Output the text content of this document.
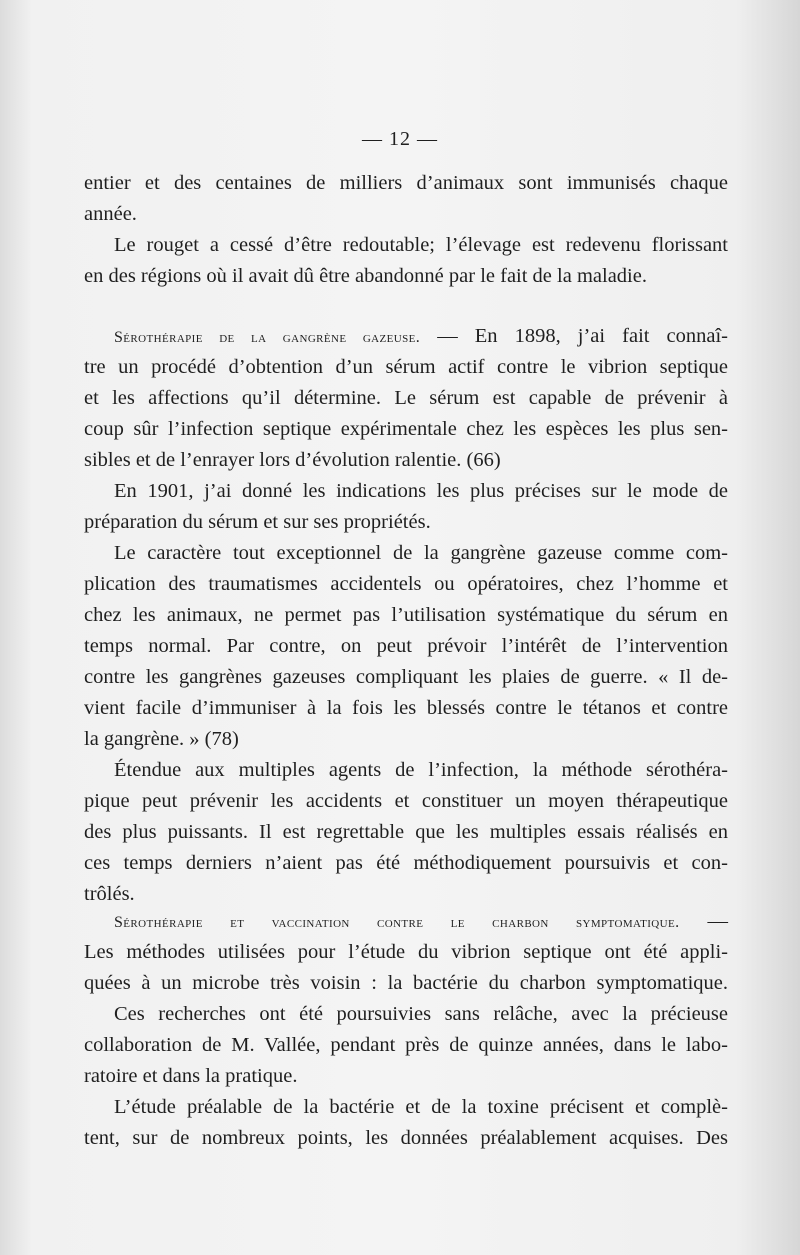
— 12 —
entier et des centaines de milliers d’animaux sont immunisés chaque
année.
Le rouget a cessé d’être redoutable; l’élevage est redevenu florissant
en des régions où il avait dû être abandonné par le fait de la maladie.
Sérothérapie de la gangrène gazeuse. — En 1898, j’ai fait connaî-
tre un procédé d’obtention d’un sérum actif contre le vibrion septique
et les affections qu’il détermine. Le sérum est capable de prévenir à
coup sûr l’infection septique expérimentale chez les espèces les plus sen-
sibles et de l’enrayer lors d’évolution ralentie. (66)
En 1901, j’ai donné les indications les plus précises sur le mode de
préparation du sérum et sur ses propriétés.
Le caractère tout exceptionnel de la gangrène gazeuse comme com-
plication des traumatismes accidentels ou opératoires, chez l’homme et
chez les animaux, ne permet pas l’utilisation systématique du sérum en
temps normal. Par contre, on peut prévoir l’intérêt de l’intervention
contre les gangrènes gazeuses compliquant les plaies de guerre. « Il de-
vient facile d’immuniser à la fois les blessés contre le tétanos et contre
la gangrène. » (78)
Étendue aux multiples agents de l’infection, la méthode sérothéra-
pique peut prévenir les accidents et constituer un moyen thérapeutique
des plus puissants. Il est regrettable que les multiples essais réalisés en
ces temps derniers n’aient pas été méthodiquement poursuivis et con-
trôlés.
Sérothérapie et vaccination contre le charbon symptomatique. —
Les méthodes utilisées pour l’étude du vibrion septique ont été appli-
quées à un microbe très voisin : la bactérie du charbon symptomatique.
Ces recherches ont été poursuivies sans relâche, avec la précieuse
collaboration de M. Vallée, pendant près de quinze années, dans le labo-
ratoire et dans la pratique.
L’étude préalable de la bactérie et de la toxine précisent et complè-
tent, sur de nombreux points, les données préalablement acquises. Des
